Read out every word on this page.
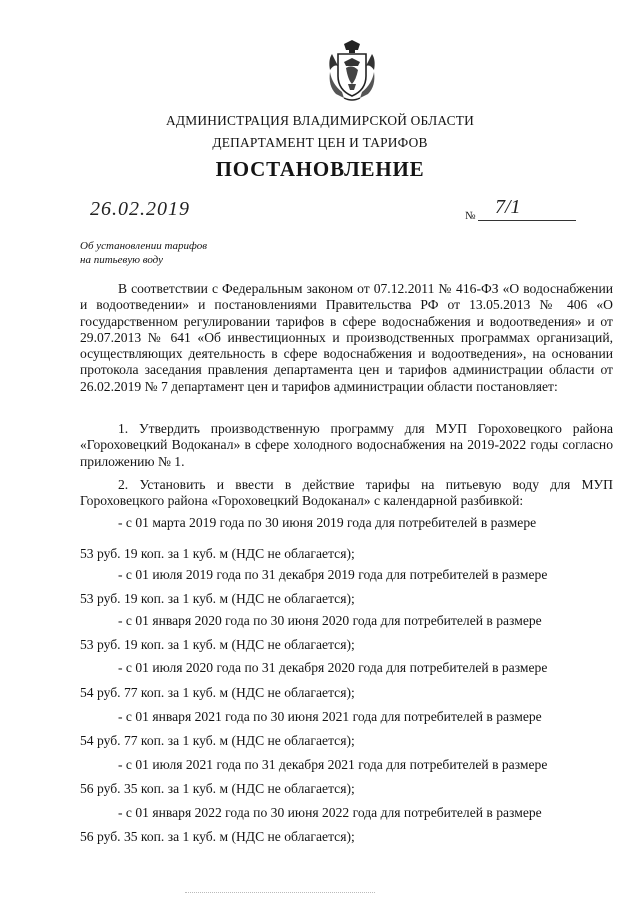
АДМИНИСТРАЦИЯ ВЛАДИМИРСКОЙ ОБЛАСТИ
ДЕПАРТАМЕНТ ЦЕН И ТАРИФОВ
ПОСТАНОВЛЕНИЕ
26.02.2019	№ 7/1
Об установлении тарифов
на питьевую воду
В соответствии с Федеральным законом от 07.12.2011 № 416-ФЗ «О водоснабжении и водоотведении» и постановлениями Правительства РФ от 13.05.2013 № 406 «О государственном регулировании тарифов в сфере водоснабжения и водоотведения» и от 29.07.2013 № 641 «Об инвестиционных и производственных программах организаций, осуществляющих деятельность в сфере водоснабжения и водоотведения», на основании протокола заседания правления департамента цен и тарифов администрации области от 26.02.2019 № 7 департамент цен и тарифов администрации области постановляет:
1. Утвердить производственную программу для МУП Гороховецкого района «Гороховецкий Водоканал» в сфере холодного водоснабжения на 2019-2022 годы согласно приложению № 1.
2. Установить и ввести в действие тарифы на питьевую воду для МУП Гороховецкого района «Гороховецкий Водоканал» с календарной разбивкой:
- с 01 марта 2019 года по 30 июня 2019 года для потребителей в размере
53 руб. 19 коп. за 1 куб. м (НДС не облагается);
- с 01 июля 2019 года по 31 декабря 2019 года для потребителей в размере
53 руб. 19 коп. за 1 куб. м (НДС не облагается);
- с 01 января 2020 года по 30 июня 2020 года для потребителей в размере
53 руб. 19 коп. за 1 куб. м (НДС не облагается);
- с 01 июля 2020 года по 31 декабря 2020 года для потребителей в размере
54 руб. 77 коп. за 1 куб. м (НДС не облагается);
- с 01 января 2021 года по 30 июня 2021 года для потребителей в размере
54 руб. 77 коп. за 1 куб. м (НДС не облагается);
- с 01 июля 2021 года по 31 декабря 2021 года для потребителей в размере
56 руб. 35 коп. за 1 куб. м (НДС не облагается);
- с 01 января 2022 года по 30 июня 2022 года для потребителей в размере
56 руб. 35 коп. за 1 куб. м (НДС не облагается);
